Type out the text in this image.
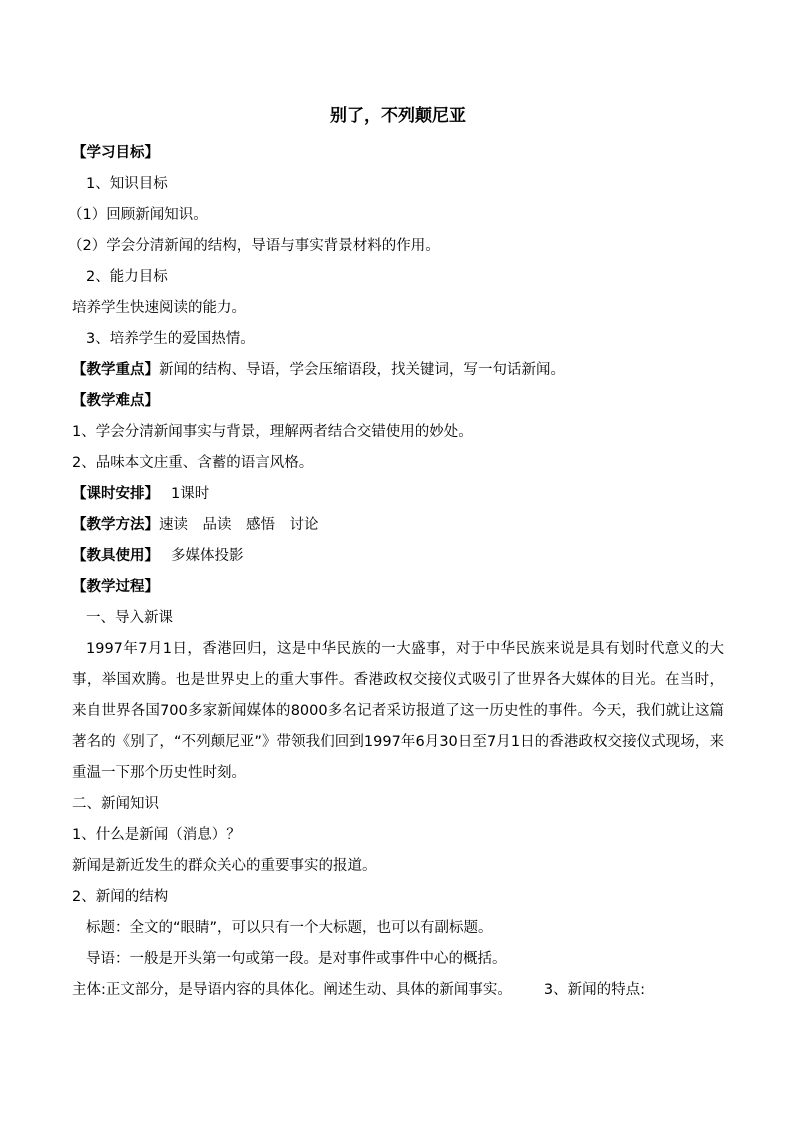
别了，不列颠尼亚
【学习目标】
1、知识目标
（1）回顾新闻知识。
（2）学会分清新闻的结构，导语与事实背景材料的作用。
2、能力目标
培养学生快速阅读的能力。
3、培养学生的爱国热情。
【教学重点】新闻的结构、导语，学会压缩语段，找关键词，写一句话新闻。
【教学难点】
1、学会分清新闻事实与背景，理解两者结合交错使用的妙处。
2、品味本文庄重、含蓄的语言风格。
【课时安排】 1课时
【教学方法】速读　品读　感悟　讨论
【教具使用】 多媒体投影
【教学过程】
一、导入新课
1997年7月1日，香港回归，这是中华民族的一大盛事，对于中华民族来说是具有划时代意义的大事，举国欢腾。也是世界史上的重大事件。香港政权交接仪式吸引了世界各大媒体的目光。在当时，来自世界各国700多家新闻媒体的8000多名记者采访报道了这一历史性的事件。今天，我们就让这篇著名的《别了，“不列颠尼亚”》带领我们回到1997年6月30日至7月1日的香港政权交接仪式现场，来重温一下那个历史性时刻。
二、新闻知识
1、什么是新闻（消息）？
新闻是新近发生的群众关心的重要事实的报道。
2、新闻的结构
标题：全文的“眼睛”，可以只有一个大标题，也可以有副标题。
导语：一般是开头第一句或第一段。是对事件或事件中心的概括。
主体:正文部分，是导语内容的具体化。阐述生动、具体的新闻事实。 3、新闻的特点:
